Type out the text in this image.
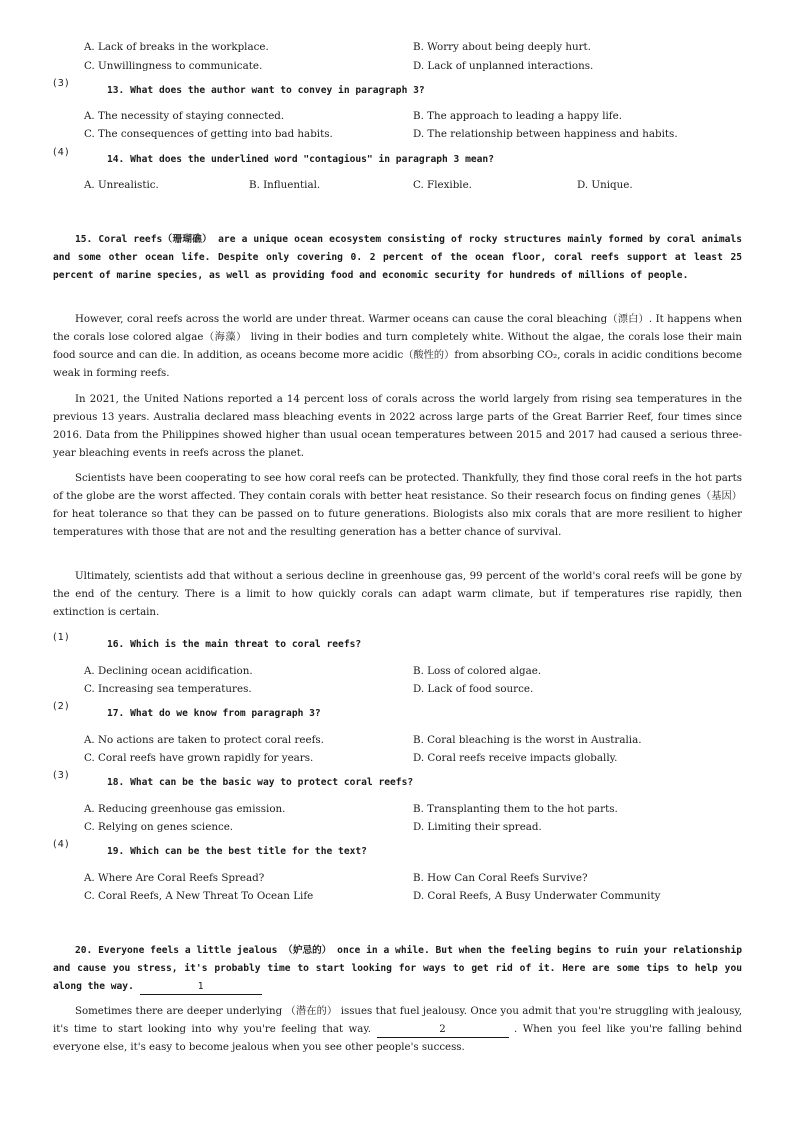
A. Lack of breaks in the workplace.	B. Worry about being deeply hurt.
C. Unwillingness to communicate.	D. Lack of unplanned interactions.
(3)
13. What does the author want to convey in paragraph 3?
A. The necessity of staying connected.	B. The approach to leading a happy life.
C. The consequences of getting into bad habits.	D. The relationship between happiness and habits.
(4)
14. What does the underlined word "contagious" in paragraph 3 mean?
A. Unrealistic.	B. Influential.	C. Flexible.	D. Unique.
15. Coral reefs（珊瑚礁） are a unique ocean ecosystem consisting of rocky structures mainly formed by coral animals and some other ocean life. Despite only covering 0. 2 percent of the ocean floor, coral reefs support at least 25 percent of marine species, as well as providing food and economic security for hundreds of millions of people.
However, coral reefs across the world are under threat. Warmer oceans can cause the coral bleaching（漂白）. It happens when the corals lose colored algae（海藻） living in their bodies and turn completely white. Without the algae, the corals lose their main food source and can die. In addition, as oceans become more acidic（酸性的）from absorbing CO₂, corals in acidic conditions become weak in forming reefs.
In 2021, the United Nations reported a 14 percent loss of corals across the world largely from rising sea temperatures in the previous 13 years. Australia declared mass bleaching events in 2022 across large parts of the Great Barrier Reef, four times since 2016. Data from the Philippines showed higher than usual ocean temperatures between 2015 and 2017 had caused a serious three-year bleaching events in reefs across the planet.
Scientists have been cooperating to see how coral reefs can be protected. Thankfully, they find those coral reefs in the hot parts of the globe are the worst affected. They contain corals with better heat resistance. So their research focus on finding genes（基因） for heat tolerance so that they can be passed on to future generations. Biologists also mix corals that are more resilient to higher temperatures with those that are not and the resulting generation has a better chance of survival.
Ultimately, scientists add that without a serious decline in greenhouse gas, 99 percent of the world's coral reefs will be gone by the end of the century. There is a limit to how quickly corals can adapt warm climate, but if temperatures rise rapidly, then extinction is certain.
(1)
16. Which is the main threat to coral reefs?
A. Declining ocean acidification.	B. Loss of colored algae.
C. Increasing sea temperatures.	D. Lack of food source.
(2)
17. What do we know from paragraph 3?
A. No actions are taken to protect coral reefs.	B. Coral bleaching is the worst in Australia.
C. Coral reefs have grown rapidly for years.	D. Coral reefs receive impacts globally.
(3)
18. What can be the basic way to protect coral reefs?
A. Reducing greenhouse gas emission.	B. Transplanting them to the hot parts.
C. Relying on genes science.	D. Limiting their spread.
(4)
19. Which can be the best title for the text?
A. Where Are Coral Reefs Spread?	B. How Can Coral Reefs Survive?
C. Coral Reefs, A New Threat To Ocean Life	D. Coral Reefs, A Busy Underwater Community
20. Everyone feels a little jealous （妒忌的） once in a while. But when the feeling begins to ruin your relationship and cause you stress, it's probably time to start looking for ways to get rid of it. Here are some tips to help you along the way.	1
Sometimes there are deeper underlying （潜在的） issues that fuel jealousy. Once you admit that you're struggling with jealousy, it's time to start looking into why you're feeling that way.	2	. When you feel like you're falling behind everyone else, it's easy to become jealous when you see other people's success.
